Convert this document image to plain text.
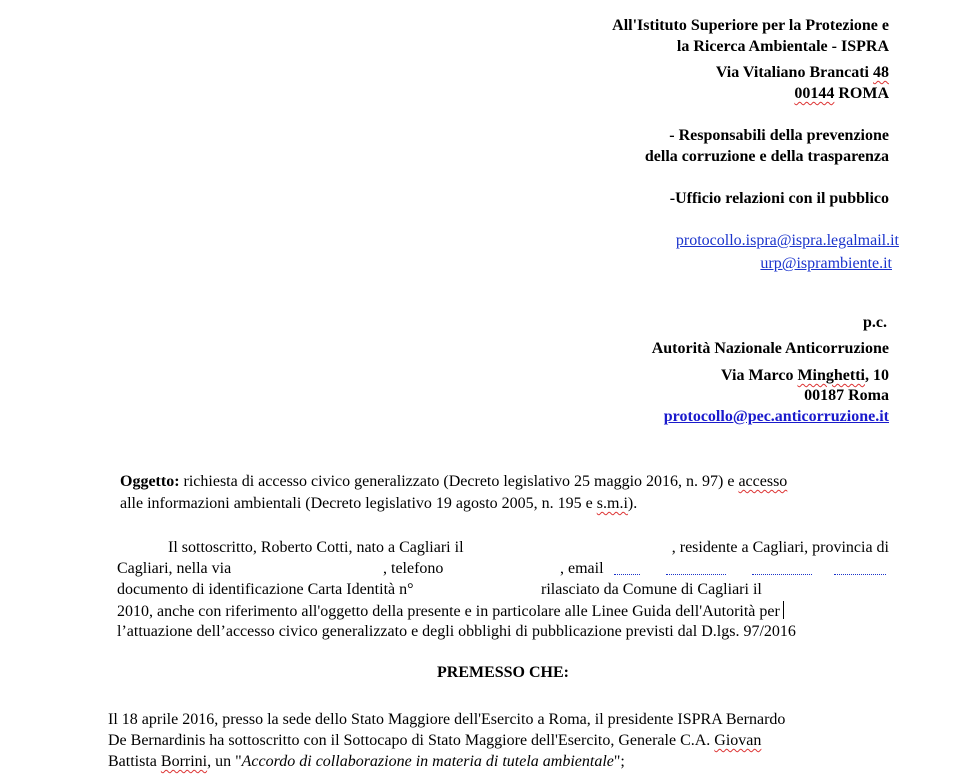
All'Istituto Superiore per la Protezione e
la Ricerca Ambientale - ISPRA
Via Vitaliano Brancati 48
00144 ROMA
- Responsabili della prevenzione
della corruzione e della trasparenza
-Ufficio relazioni con il pubblico
protocollo.ispra@ispra.legalmail.it
urp@isprambiente.it
p.c.
Autorità Nazionale Anticorruzione
Via Marco Minghetti, 10
00187 Roma
protocollo@pec.anticorruzione.it
Oggetto: richiesta di accesso civico generalizzato (Decreto legislativo 25 maggio 2016, n. 97) e accesso
alle informazioni ambientali (Decreto legislativo 19 agosto 2005, n. 195 e s.m.i).
Il sottoscritto, Roberto Cotti, nato a Cagliari il	, residente a Cagliari, provincia di
Cagliari, nella via	, telefono	, email
documento di identificazione Carta Identità n°	rilasciato da Comune di Cagliari il
2010, anche con riferimento all'oggetto della presente e in particolare alle Linee Guida dell'Autorità per
l’attuazione dell’accesso civico generalizzato e degli obblighi di pubblicazione previsti dal D.lgs. 97/2016
PREMESSO CHE:
Il 18 aprile 2016, presso la sede dello Stato Maggiore dell'Esercito a Roma, il presidente ISPRA Bernardo
De Bernardinis ha sottoscritto con il Sottocapo di Stato Maggiore dell'Esercito, Generale C.A. Giovan
Battista Borrini, un "Accordo di collaborazione in materia di tutela ambientale";
